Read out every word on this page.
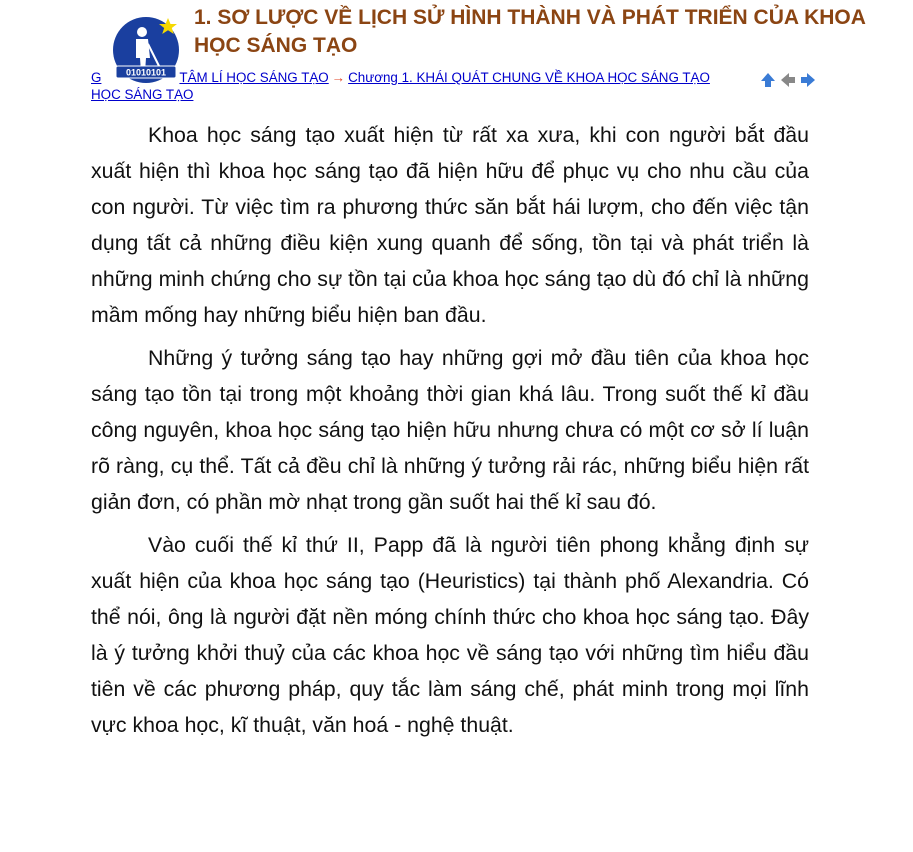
01010101
1. SƠ LƯỢC VỀ LỊCH SỬ HÌNH THÀNH VÀ PHÁT TRIỂN CỦA KHOA HỌC SÁNG TẠO
G	TÂM LÍ HỌC SÁNG TẠO → Chương 1. KHÁI QUÁT CHUNG VỀ KHOA HỌC SÁNG TẠO
HỌC SÁNG TẠO

Khoa học sáng tạo xuất hiện từ rất xa xưa, khi con người bắt đầu xuất hiện thì khoa học sáng tạo đã hiện hữu để phục vụ cho nhu cầu của con người. Từ việc tìm ra phương thức săn bắt hái lượm, cho đến việc tận dụng tất cả những điều kiện xung quanh để sống, tồn tại và phát triển là những minh chứng cho sự tồn tại của khoa học sáng tạo dù đó chỉ là những mầm mống hay những biểu hiện ban đầu.

Những ý tưởng sáng tạo hay những gợi mở đầu tiên của khoa học sáng tạo tồn tại trong một khoảng thời gian khá lâu. Trong suốt thế kỉ đầu công nguyên, khoa học sáng tạo hiện hữu nhưng chưa có một cơ sở lí luận rõ ràng, cụ thể. Tất cả đều chỉ là những ý tưởng rải rác, những biểu hiện rất giản đơn, có phần mờ nhạt trong gần suốt hai thế kỉ sau đó.

Vào cuối thế kỉ thứ II, Papp đã là người tiên phong khẳng định sự xuất hiện của khoa học sáng tạo (Heuristics) tại thành phố Alexandria. Có thể nói, ông là người đặt nền móng chính thức cho khoa học sáng tạo. Đây là ý tưởng khởi thuỷ của các khoa học về sáng tạo với những tìm hiểu đầu tiên về các phương pháp, quy tắc làm sáng chế, phát minh trong mọi lĩnh vực khoa học, kĩ thuật, văn hoá - nghệ thuật.
